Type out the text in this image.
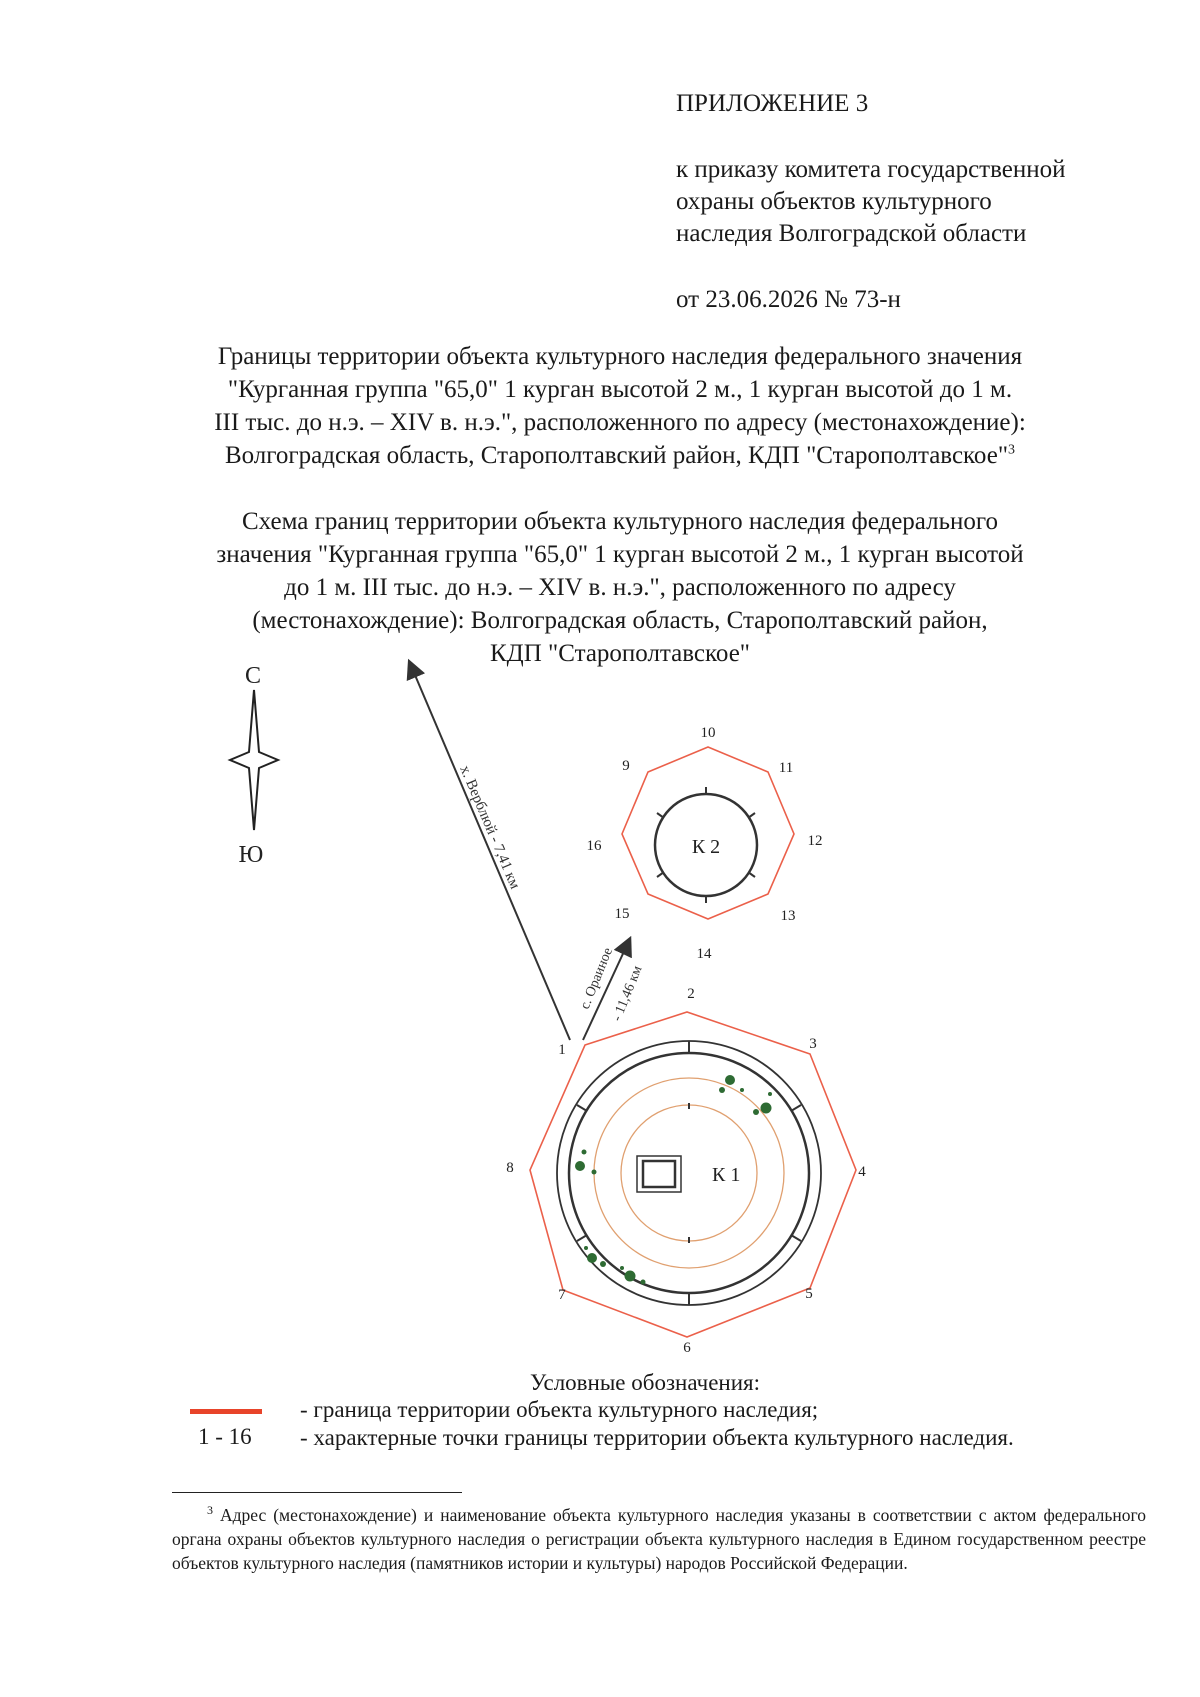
ПРИЛОЖЕНИЕ 3
к приказу комитета государственной
охраны объектов культурного
наследия Волгоградской области
от 23.06.2026 № 73-н
Границы территории объекта культурного наследия федерального значения
"Курганная группа "65,0" 1 курган высотой 2 м., 1 курган высотой до 1 м.
III тыс. до н.э. – XIV в. н.э.", расположенного по адресу (местонахождение):
Волгоградская область, Старополтавский район, КДП "Старополтавское"$^3$
Схема границ территории объекта культурного наследия федерального
значения "Курганная группа "65,0" 1 курган высотой 2 м., 1 курган высотой
до 1 м. III тыс. до н.э. – XIV в. н.э.", расположенного по адресу
(местонахождение): Волгоградская область, Старополтавский район,
КДП "Старополтавское"
С
Ю	х. Верблюй - 7,41 км
с. Ораиное
- 11,46 км
К 2
9
10
11
12
13
14
15
16
К 1
1
2
3
4
5
6
7
8
Условные обозначения:
1 - 16
- граница территории объекта культурного наследия;
- характерные точки границы территории объекта культурного наследия.
  $^3$ Адрес (местонахождение) и наименование объекта культурного наследия указаны в соответствии с актом федерального органа охраны объектов культурного наследия о регистрации объекта культурного наследия в Едином государственном реестре объектов культурного наследия (памятников истории и культуры) народов Российской Федерации.
